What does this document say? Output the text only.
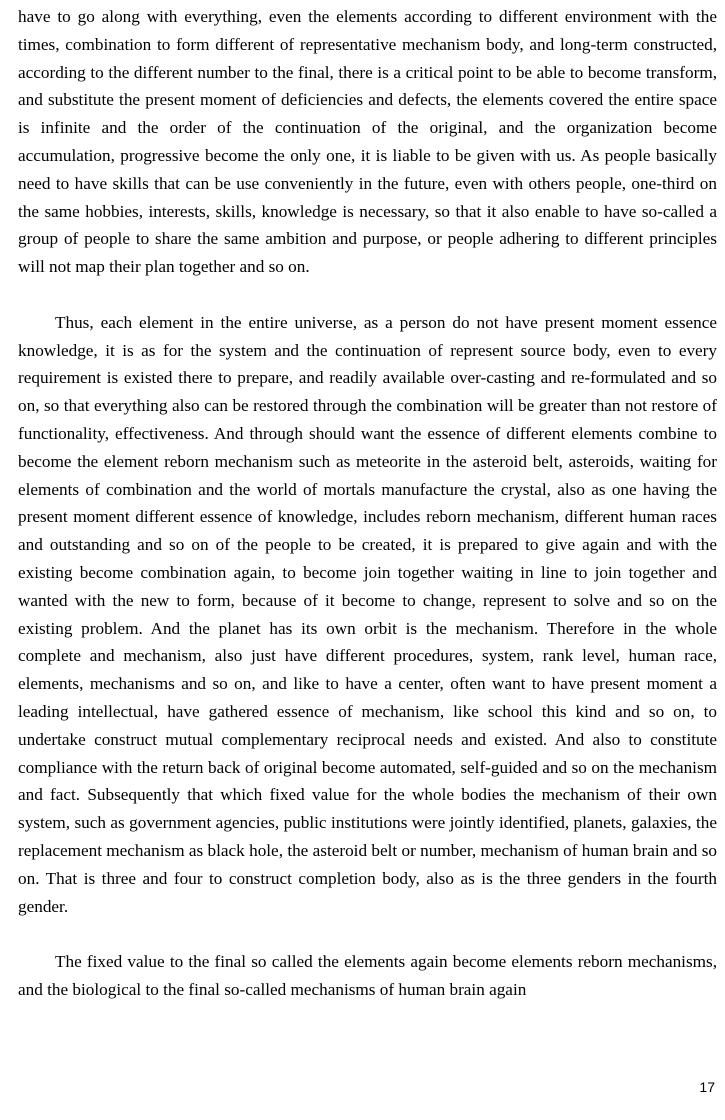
have to go along with everything, even the elements according to different environment with the times, combination to form different of representative mechanism body, and long-term constructed, according to the different number to the final, there is a critical point to be able to become transform, and substitute the present moment of deficiencies and defects, the elements covered the entire space is infinite and the order of the continuation of the original, and the organization become accumulation, progressive become the only one, it is liable to be given with us. As people basically need to have skills that can be use conveniently in the future, even with others people, one-third on the same hobbies, interests, skills, knowledge is necessary, so that it also enable to have so-called a group of people to share the same ambition and purpose, or people adhering to different principles will not map their plan together and so on.

Thus, each element in the entire universe, as a person do not have present moment essence knowledge, it is as for the system and the continuation of represent source body, even to every requirement is existed there to prepare, and readily available over-casting and re-formulated and so on, so that everything also can be restored through the combination will be greater than not restore of functionality, effectiveness. And through should want the essence of different elements combine to become the element reborn mechanism such as meteorite in the asteroid belt, asteroids, waiting for elements of combination and the world of mortals manufacture the crystal, also as one having the present moment different essence of knowledge, includes reborn mechanism, different human races and outstanding and so on of the people to be created, it is prepared to give again and with the existing become combination again, to become join together waiting in line to join together and wanted with the new to form, because of it become to change, represent to solve and so on the existing problem. And the planet has its own orbit is the mechanism. Therefore in the whole complete and mechanism, also just have different procedures, system, rank level, human race, elements, mechanisms and so on, and like to have a center, often want to have present moment a leading intellectual, have gathered essence of mechanism, like school this kind and so on, to undertake construct mutual complementary reciprocal needs and existed. And also to constitute compliance with the return back of original become automated, self-guided and so on the mechanism and fact. Subsequently that which fixed value for the whole bodies the mechanism of their own system, such as government agencies, public institutions were jointly identified, planets, galaxies, the replacement mechanism as black hole, the asteroid belt or number, mechanism of human brain and so on. That is three and four to construct completion body, also as is the three genders in the fourth gender.

The fixed value to the final so called the elements again become elements reborn mechanisms, and the biological to the final so-called mechanisms of human brain again

17
